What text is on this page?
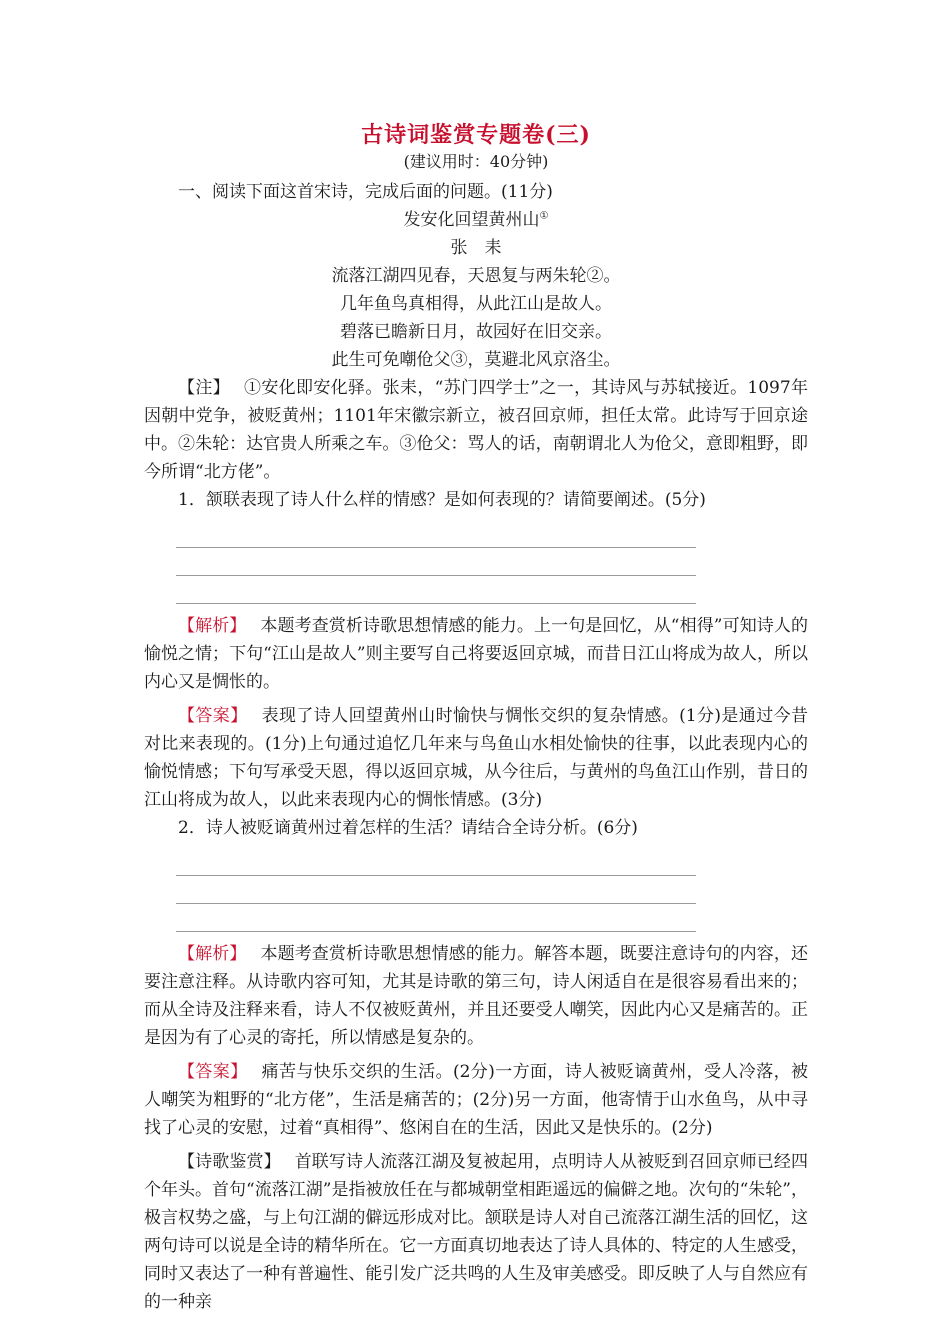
古诗词鉴赏专题卷(三)
(建议用时：40分钟)

一、阅读下面这首宋诗，完成后面的问题。(11分)

发安化回望黄州山①

张　耒

流落江湖四见春，天恩复与两朱轮②。

几年鱼鸟真相得，从此江山是故人。

碧落已瞻新日月，故园好在旧交亲。

此生可免嘲伧父③，莫避北风京洛尘。

【注】 ①安化即安化驿。张耒，“苏门四学士”之一，其诗风与苏轼接近。1097年因朝中党争，被贬黄州；1101年宋徽宗新立，被召回京师，担任太常。此诗写于回京途中。②朱轮：达官贵人所乘之车。③伧父：骂人的话，南朝谓北人为伧父，意即粗野，即今所谓“北方佬”。

1．颔联表现了诗人什么样的情感？是如何表现的？请简要阐述。(5分)

【解析】 本题考查赏析诗歌思想情感的能力。上一句是回忆，从“相得”可知诗人的愉悦之情；下句“江山是故人”则主要写自己将要返回京城，而昔日江山将成为故人，所以内心又是惆怅的。

【答案】 表现了诗人回望黄州山时愉快与惆怅交织的复杂情感。(1分)是通过今昔对比来表现的。(1分)上句通过追忆几年来与鸟鱼山水相处愉快的往事，以此表现内心的愉悦情感；下句写承受天恩，得以返回京城，从今往后，与黄州的鸟鱼江山作别，昔日的江山将成为故人，以此来表现内心的惆怅情感。(3分)

2．诗人被贬谪黄州过着怎样的生活？请结合全诗分析。(6分)

【解析】 本题考查赏析诗歌思想情感的能力。解答本题，既要注意诗句的内容，还要注意注释。从诗歌内容可知，尤其是诗歌的第三句，诗人闲适自在是很容易看出来的；而从全诗及注释来看，诗人不仅被贬黄州，并且还要受人嘲笑，因此内心又是痛苦的。正是因为有了心灵的寄托，所以情感是复杂的。

【答案】 痛苦与快乐交织的生活。(2分)一方面，诗人被贬谪黄州，受人冷落，被人嘲笑为粗野的“北方佬”，生活是痛苦的；(2分)另一方面，他寄情于山水鱼鸟，从中寻找了心灵的安慰，过着“真相得”、悠闲自在的生活，因此又是快乐的。(2分)

【诗歌鉴赏】 首联写诗人流落江湖及复被起用，点明诗人从被贬到召回京师已经四个年头。首句“流落江湖”是指被放任在与都城朝堂相距遥远的偏僻之地。次句的“朱轮”，极言权势之盛，与上句江湖的僻远形成对比。颔联是诗人对自己流落江湖生活的回忆，这两句诗可以说是全诗的精华所在。它一方面真切地表达了诗人具体的、特定的人生感受，同时又表达了一种有普遍性、能引发广泛共鸣的人生及审美感受。即反映了人与自然应有的一种亲
